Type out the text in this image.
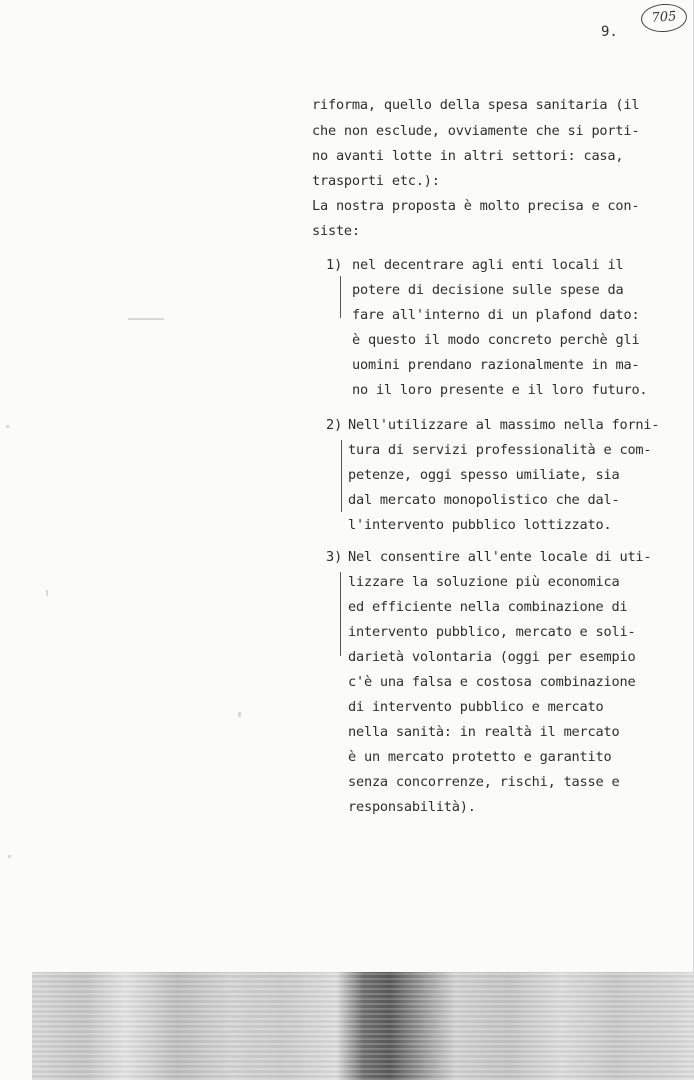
705
9.
riforma, quello della spesa sanitaria (il
che non esclude, ovviamente che si porti-
no avanti lotte in altri settori: casa,
trasporti etc.):
La nostra proposta è molto precisa e con-
siste:
1) nel decentrare agli enti locali il
potere di decisione sulle spese da
fare all'interno di un plafond dato:
è questo il modo concreto perchè gli
uomini prendano razionalmente in ma-
no il loro presente e il loro futuro.
2) Nell'utilizzare al massimo nella forni-
tura di servizi professionalità e com-
petenze, oggi spesso umiliate, sia
dal mercato monopolistico che dal-
l'intervento pubblico lottizzato.
3) Nel consentire all'ente locale di uti-
lizzare la soluzione più economica
ed efficiente nella combinazione di
intervento pubblico, mercato e soli-
darietà volontaria (oggi per esempio
c'è una falsa e costosa combinazione
di intervento pubblico e mercato
nella sanità: in realtà il mercato
è un mercato protetto e garantito
senza concorrenze, rischi, tasse e
responsabilità).
